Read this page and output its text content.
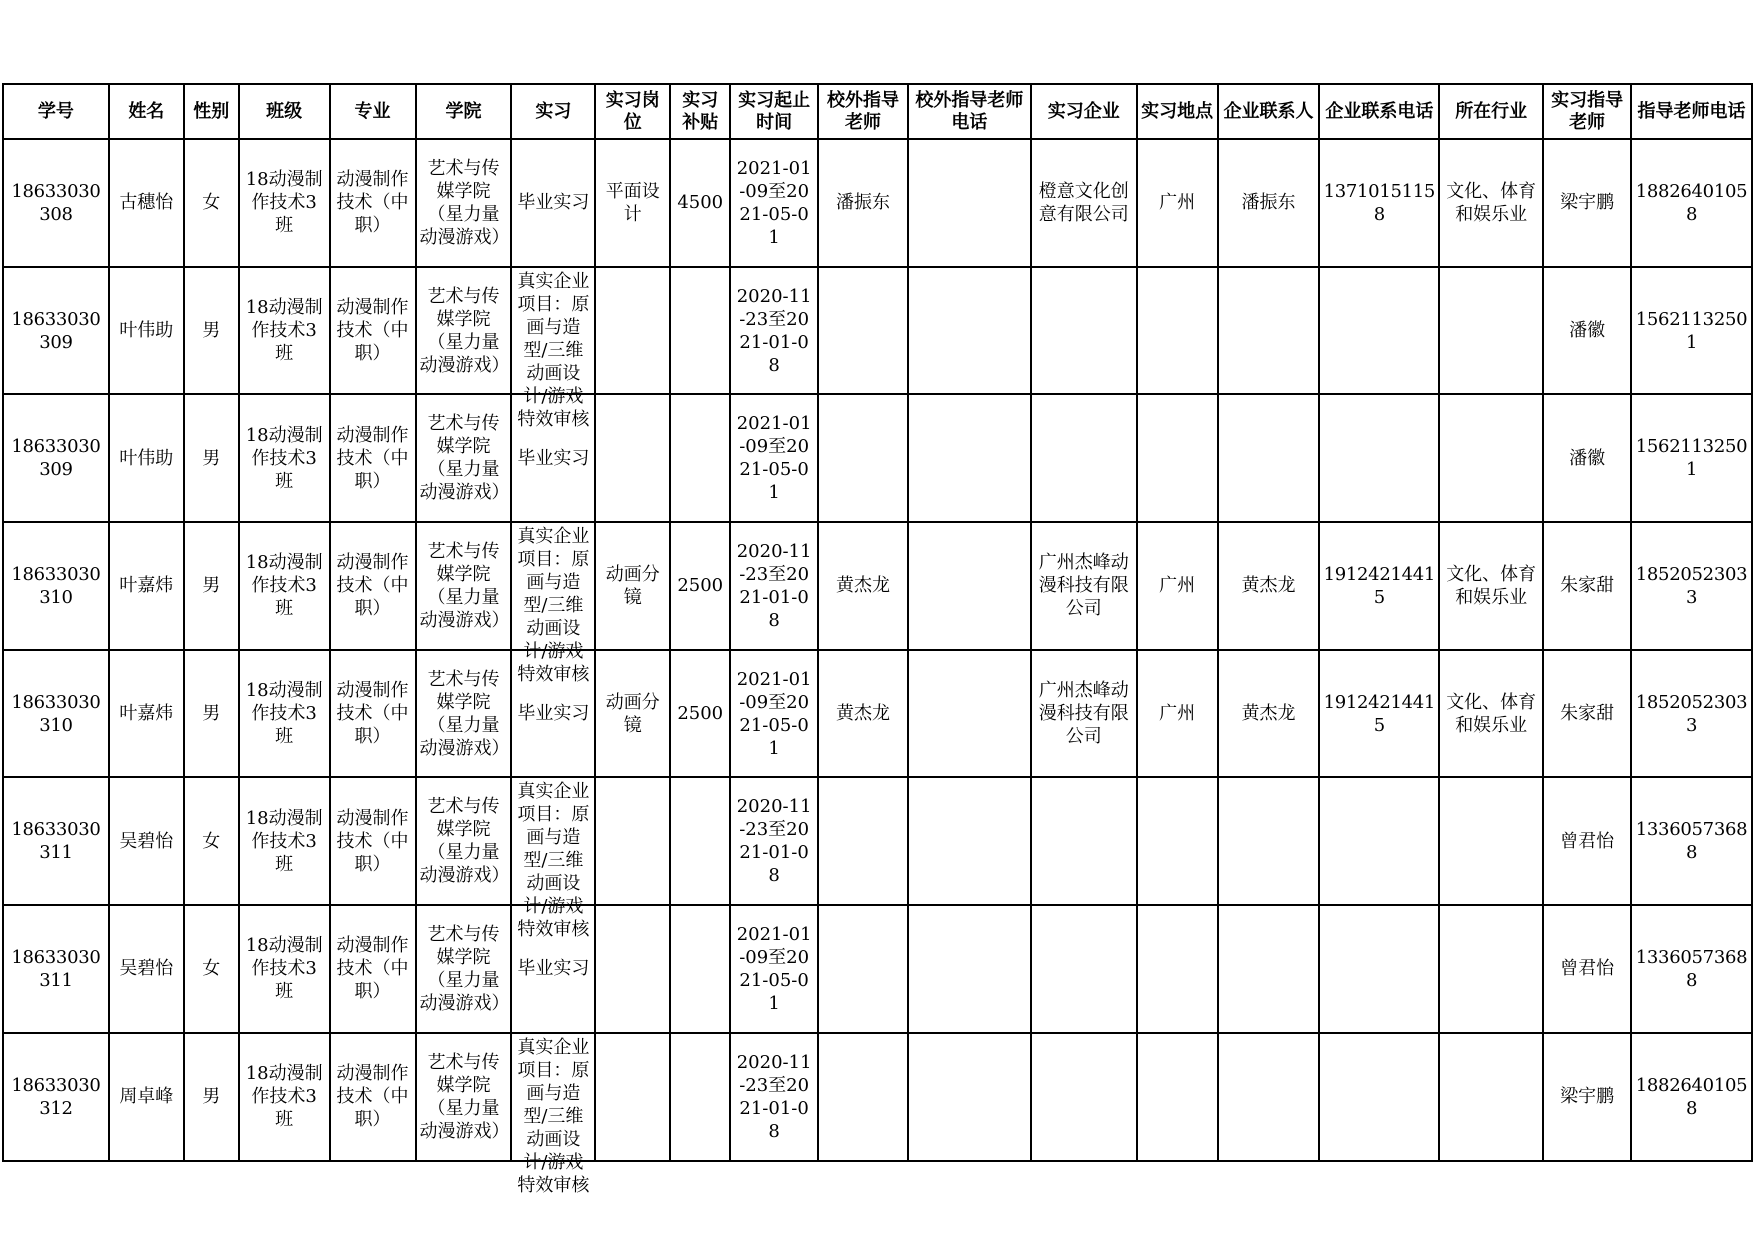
学号	姓名	性别	班级	专业	学院	实习	实习岗位	实习补贴	实习起止时间	校外指导老师	校外指导老师电话	实习企业	实习地点	企业联系人	企业联系电话	所在行业	实习指导老师	指导老师电话

18633030308	古穗怡	女	18动漫制作技术3班	动漫制作技术（中职）	艺术与传媒学院（星力量动漫游戏）	毕业实习	平面设计	4500	2021-01-09至2021-05-01	潘振东		橙意文化创意有限公司	广州	潘振东	13710151158	文化、体育和娱乐业	梁宇鹏	18826401058

18633030309	叶伟助	男	18动漫制作技术3班	动漫制作技术（中职）	艺术与传媒学院（星力量动漫游戏）	真实企业项目：原画与造型/三维动画设计/游戏特效审核			2020-11-23至2021-01-08								潘徽	15621132501

18633030309	叶伟助	男	18动漫制作技术3班	动漫制作技术（中职）	艺术与传媒学院（星力量动漫游戏）	毕业实习			2021-01-09至2021-05-01								潘徽	15621132501

18633030310	叶嘉炜	男	18动漫制作技术3班	动漫制作技术（中职）	艺术与传媒学院（星力量动漫游戏）	真实企业项目：原画与造型/三维动画设计/游戏特效审核	动画分镜	2500	2020-11-23至2021-01-08	黄杰龙		广州杰峰动漫科技有限公司	广州	黄杰龙	19124214415	文化、体育和娱乐业	朱家甜	18520523033

18633030310	叶嘉炜	男	18动漫制作技术3班	动漫制作技术（中职）	艺术与传媒学院（星力量动漫游戏）	毕业实习	动画分镜	2500	2021-01-09至2021-05-01	黄杰龙		广州杰峰动漫科技有限公司	广州	黄杰龙	19124214415	文化、体育和娱乐业	朱家甜	18520523033

18633030311	吴碧怡	女	18动漫制作技术3班	动漫制作技术（中职）	艺术与传媒学院（星力量动漫游戏）	真实企业项目：原画与造型/三维动画设计/游戏特效审核			2020-11-23至2021-01-08								曾君怡	13360573688

18633030311	吴碧怡	女	18动漫制作技术3班	动漫制作技术（中职）	艺术与传媒学院（星力量动漫游戏）	毕业实习			2021-01-09至2021-05-01								曾君怡	13360573688

18633030312	周卓峰	男	18动漫制作技术3班	动漫制作技术（中职）	艺术与传媒学院（星力量动漫游戏）	真实企业项目：原画与造型/三维动画设计/游戏特效审核			2020-11-23至2021-01-08								梁宇鹏	18826401058
